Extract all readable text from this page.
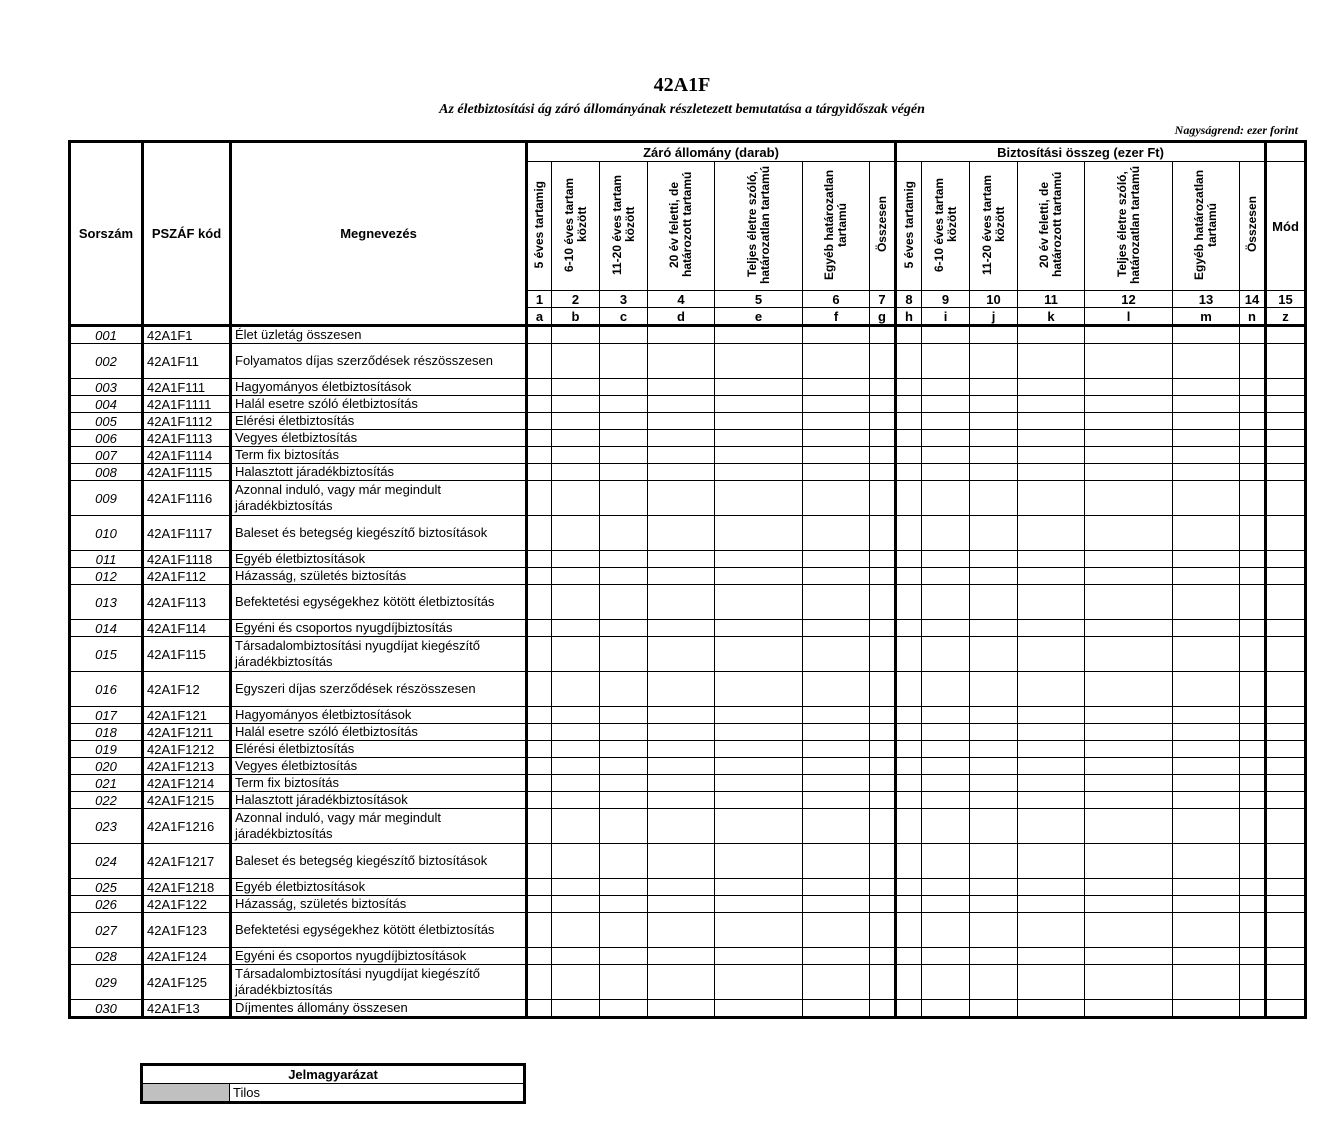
42A1F
Az életbiztosítási ág záró állományának részletezett bemutatása a tárgyidőszak végén
Nagyságrend: ezer forint
Sorszám	PSZÁF kód	Megnevezés	Záró állomány (darab)							Biztosítási összeg (ezer Ft)							
			5 éves tartamig	6-10 éves tartam között	11-20 éves tartam között	20 év feletti, de határozott tartamú	Teljes életre szóló, határozatlan tartamú	Egyéb határozatlan tartamú	Összesen	5 éves tartamig	6-10 éves tartam között	11-20 éves tartam között	20 év feletti, de határozott tartamú	Teljes életre szóló, határozatlan tartamú	Egyéb határozatlan tartamú	Összesen	Mód
			1	2	3	4	5	6	7	8	9	10	11	12	13	14	15
			a	b	c	d	e	f	g	h	i	j	k	l	m	n	z
001	42A1F1	Élet üzletág összesen															
002	42A1F11	Folyamatos díjas szerződések részösszesen															
003	42A1F111	Hagyományos életbiztosítások															
004	42A1F1111	Halál esetre szóló életbiztosítás															
005	42A1F1112	Elérési életbiztosítás															
006	42A1F1113	Vegyes életbiztosítás															
007	42A1F1114	Term fix biztosítás															
008	42A1F1115	Halasztott járadékbiztosítás															
009	42A1F1116	Azonnal induló, vagy már megindult járadékbiztosítás															
010	42A1F1117	Baleset és betegség kiegészítő biztosítások															
011	42A1F1118	Egyéb életbiztosítások															
012	42A1F112	Házasság, születés biztosítás															
013	42A1F113	Befektetési egységekhez kötött életbiztosítás															
014	42A1F114	Egyéni és csoportos nyugdíjbiztosítás															
015	42A1F115	Társadalombiztosítási nyugdíjat kiegészítő járadékbiztosítás															
016	42A1F12	Egyszeri díjas szerződések részösszesen															
017	42A1F121	Hagyományos életbiztosítások															
018	42A1F1211	Halál esetre szóló életbiztosítás															
019	42A1F1212	Elérési életbiztosítás															
020	42A1F1213	Vegyes életbiztosítás															
021	42A1F1214	Term fix biztosítás															
022	42A1F1215	Halasztott járadékbiztosítások															
023	42A1F1216	Azonnal induló, vagy már megindult járadékbiztosítás															
024	42A1F1217	Baleset és betegség kiegészítő biztosítások															
025	42A1F1218	Egyéb életbiztosítások															
026	42A1F122	Házasság, születés biztosítás															
027	42A1F123	Befektetési egységekhez kötött életbiztosítás															
028	42A1F124	Egyéni és csoportos nyugdíjbiztosítások															
029	42A1F125	Társadalombiztosítási nyugdíjat kiegészítő járadékbiztosítás															
030	42A1F13	Díjmentes állomány összesen															
Jelmagyarázat
	Tilos
